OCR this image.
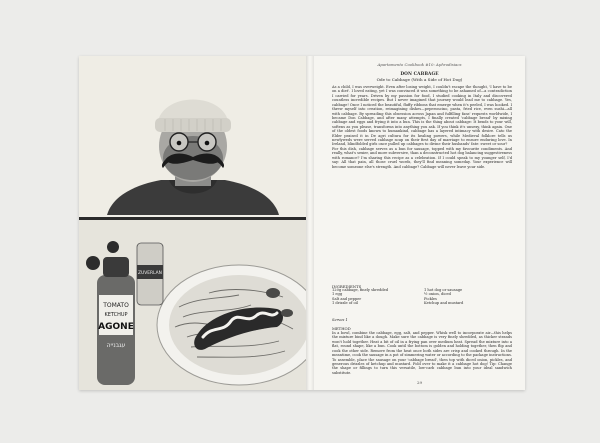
TOMATO
KETCHUP
AGONE
עגבנייה
ZUVERLAN
Apartamento Cookbook #10: Aphrodisiacs
DON CABBAGE
Ode to Cabbage (With a Side of Hot Dog)

As a child, I was overweight. Even after losing weight, I couldn't escape the thought, 'I have to be on a diet'. I loved eating, yet I was convinced it was something to be ashamed of—a contradiction I carried for years. Driven by my passion for food, I studied cooking in Italy and discovered countless incredible recipes. But I never imagined that journey would lead me to cabbage. Yes, cabbage! Once I noticed the beautiful, fluffy ribbons that emerge when it's peeled, I was hooked. I threw myself into creation, reimagining dishes—peperoncino, pasta, fried rice, even sushi—all with cabbage. By spreading this obsession across Japan and fulfilling fans' requests worldwide, I became Don Cabbage, and after many attempts, I finally created 'cabbage bread' by mixing cabbage and eggs and frying it into a bun. This is the thing about cabbage: It bends to your will, softens as you please, transforms into anything you ask. If you think it's unsexy, think again. One of the oldest foods known to humankind, cabbage has a layered intimacy with desire. Cato the Elder praised it in De agri cultura for its healing powers, while Medieval folklore tells us newlyweds were served cabbage soup on their first day of marriage to ensure enduring love. In Ireland, blindfolded girls once pulled up cabbages to divine their husbands' fate: sweet or sour?

For this dish, cabbage serves as a bun for sausage, topped with my favourite condiments. And really, what's sexier, and more subversive, than a deconstructed hot dog balancing suggestiveness with romance? I'm sharing this recipe as a celebration. If I could speak to my younger self, I'd say: All that pain, all those cruel words, they'll find meaning someday. Your experience will become someone else's strength. And cabbage? Cabbage will never leave your side.

INGREDIENTS
120g cabbage, finely shredded
1 egg
Salt and pepper
1 drizzle of oil
1 hot dog or sausage
½ onion, diced
Pickles
Ketchup and mustard
Serves 1
METHOD

In a bowl, combine the cabbage, egg, salt, and pepper. Whisk well to incorporate air—this helps the mixture bind like a dough. Make sure the cabbage is very finely shredded, as thicker strands won't hold together. Heat a bit of oil in a frying pan over medium heat. Spread the mixture into a flat, round shape, like a bun. Cook until the bottom is golden and holding together, then flip and cook the other side. Remove from the heat once both sides are crisp and cooked through. In the meantime, cook the sausage in a pot of simmering water or according to the package instructions. To assemble, place the sausage on your 'cabbage bread', then top with diced onion, pickles, and generous drizzles of ketchup and mustard. Fold over to make it a cabbage hot dog! Tip: Change the shape or fillings to turn this versatile, low-carb cabbage bun into your ideal sandwich substitute.

29
